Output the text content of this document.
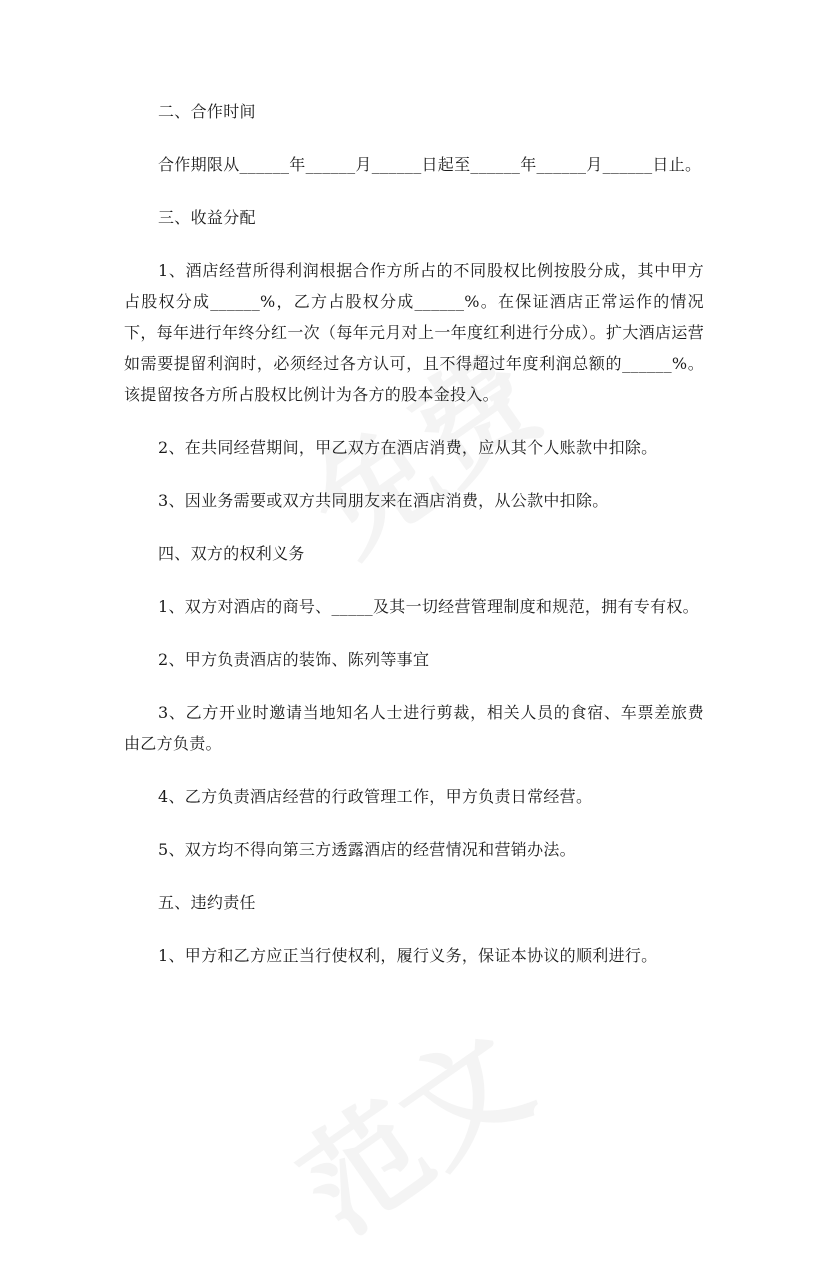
二、合作时间

合作期限从______年______月______日起至______年______月______日止。

三、收益分配

1、酒店经营所得利润根据合作方所占的不同股权比例按股分成，其中甲方占股权分成______%，乙方占股权分成______%。在保证酒店正常运作的情况下，每年进行年终分红一次（每年元月对上一年度红利进行分成）。扩大酒店运营如需要提留利润时，必须经过各方认可，且不得超过年度利润总额的______%。该提留按各方所占股权比例计为各方的股本金投入。

2、在共同经营期间，甲乙双方在酒店消费，应从其个人账款中扣除。

3、因业务需要或双方共同朋友来在酒店消费，从公款中扣除。

四、双方的权利义务

1、双方对酒店的商号、_____及其一切经营管理制度和规范，拥有专有权。

2、甲方负责酒店的装饰、陈列等事宜

3、乙方开业时邀请当地知名人士进行剪裁，相关人员的食宿、车票差旅费由乙方负责。

4、乙方负责酒店经营的行政管理工作，甲方负责日常经营。

5、双方均不得向第三方透露酒店的经营情况和营销办法。

五、违约责任

1、甲方和乙方应正当行使权利，履行义务，保证本协议的顺利进行。
